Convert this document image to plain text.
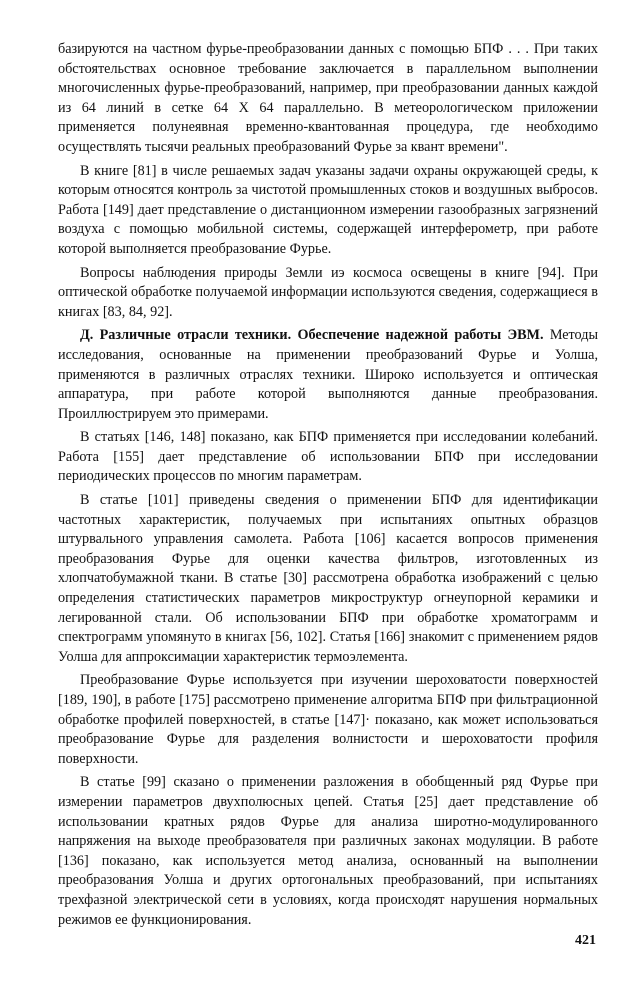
базируются на частном фурье-преобразовании данных с помощью БПФ . . . При таких обстоятельствах основное требование заключается в параллельном выполнении многочисленных фурье-преобразований, например, при преобразовании данных каждой из 64 линий в сетке 64 X 64 параллельно. В метеорологическом приложении применяется полунеявная временно-квантованная процедура, где необходимо осуществлять тысячи реальных преобразований Фурье за квант времени".

В книге [81] в числе решаемых задач указаны задачи охраны окружающей среды, к которым относятся контроль за чистотой промышленных стоков и воздушных выбросов. Работа [149] дает представление о дистанционном измерении газообразных загрязнений воздуха с помощью мобильной системы, содержащей интерферометр, при работе которой выполняется преобразование Фурье.

Вопросы наблюдения природы Земли иэ космоса освещены в книге [94]. При оптической обработке получаемой информации используются сведения, содержащиеся в книгах [83, 84, 92].

Д. Различные отрасли техники. Обеспечение надежной работы ЭВМ. Методы исследования, основанные на применении преобразований Фурье и Уолша, применяются в различных отраслях техники. Широко используется и оптическая аппаратура, при работе которой выполняются данные преобразования. Проиллюстрируем это примерами.

В статьях [146, 148] показано, как БПФ применяется при исследовании колебаний. Работа [155] дает представление об использовании БПФ при исследовании периодических процессов по многим параметрам.

В статье [101] приведены сведения о применении БПФ для идентификации частотных характеристик, получаемых при испытаниях опытных образцов штурвального управления самолета. Работа [106] касается вопросов применения преобразования Фурье для оценки качества фильтров, изготовленных из хлопчатобумажной ткани. В статье [30] рассмотрена обработка изображений с целью определения статистических параметров микроструктур огнеупорной керамики и легированной стали. Об использовании БПФ при обработке хроматограмм и спектрограмм упомянуто в книгах [56, 102]. Статья [166] знакомит с применением рядов Уолша для аппроксимации характеристик термоэлемента.

Преобразование Фурье используется при изучении шероховатости поверхностей [189, 190], в работе [175] рассмотрено применение алгоритма БПФ при фильтрационной обработке профилей поверхностей, в статье [147]· показано, как может использоваться преобразование Фурье для разделения волнистости и шероховатости профиля поверхности.

В статье [99] сказано о применении разложения в обобщенный ряд Фурье при измерении параметров двухполюсных цепей. Статья [25] дает представление об использовании кратных рядов Фурье для анализа широтно-модулированного напряжения на выходе преобразователя при различных законах модуляции. В работе [136] показано, как используется метод анализа, основанный на выполнении преобразования Уолша и других ортогональных преобразований, при испытаниях трехфазной электрической сети в условиях, когда происходят нарушения нормальных режимов ее функционирования.

421
